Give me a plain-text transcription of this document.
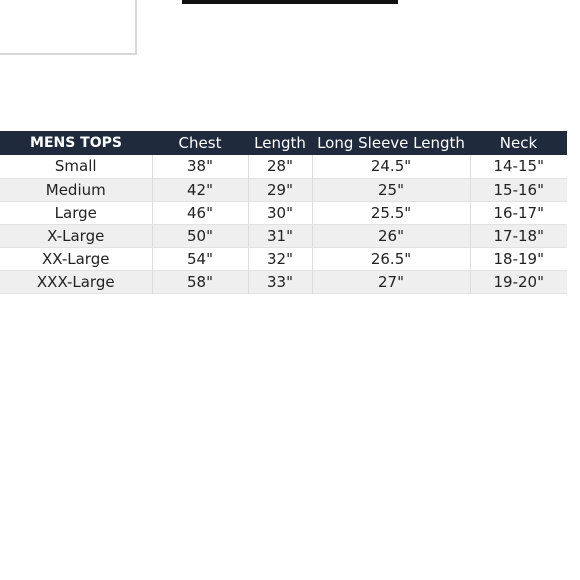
MENS TOPS	Chest	Length	Long Sleeve Length	Neck
Small	38"	28"	24.5"	14-15"
Medium	42"	29"	25"	15-16"
Large	46"	30"	25.5"	16-17"
X-Large	50"	31"	26"	17-18"
XX-Large	54"	32"	26.5"	18-19"
XXX-Large	58"	33"	27"	19-20"
